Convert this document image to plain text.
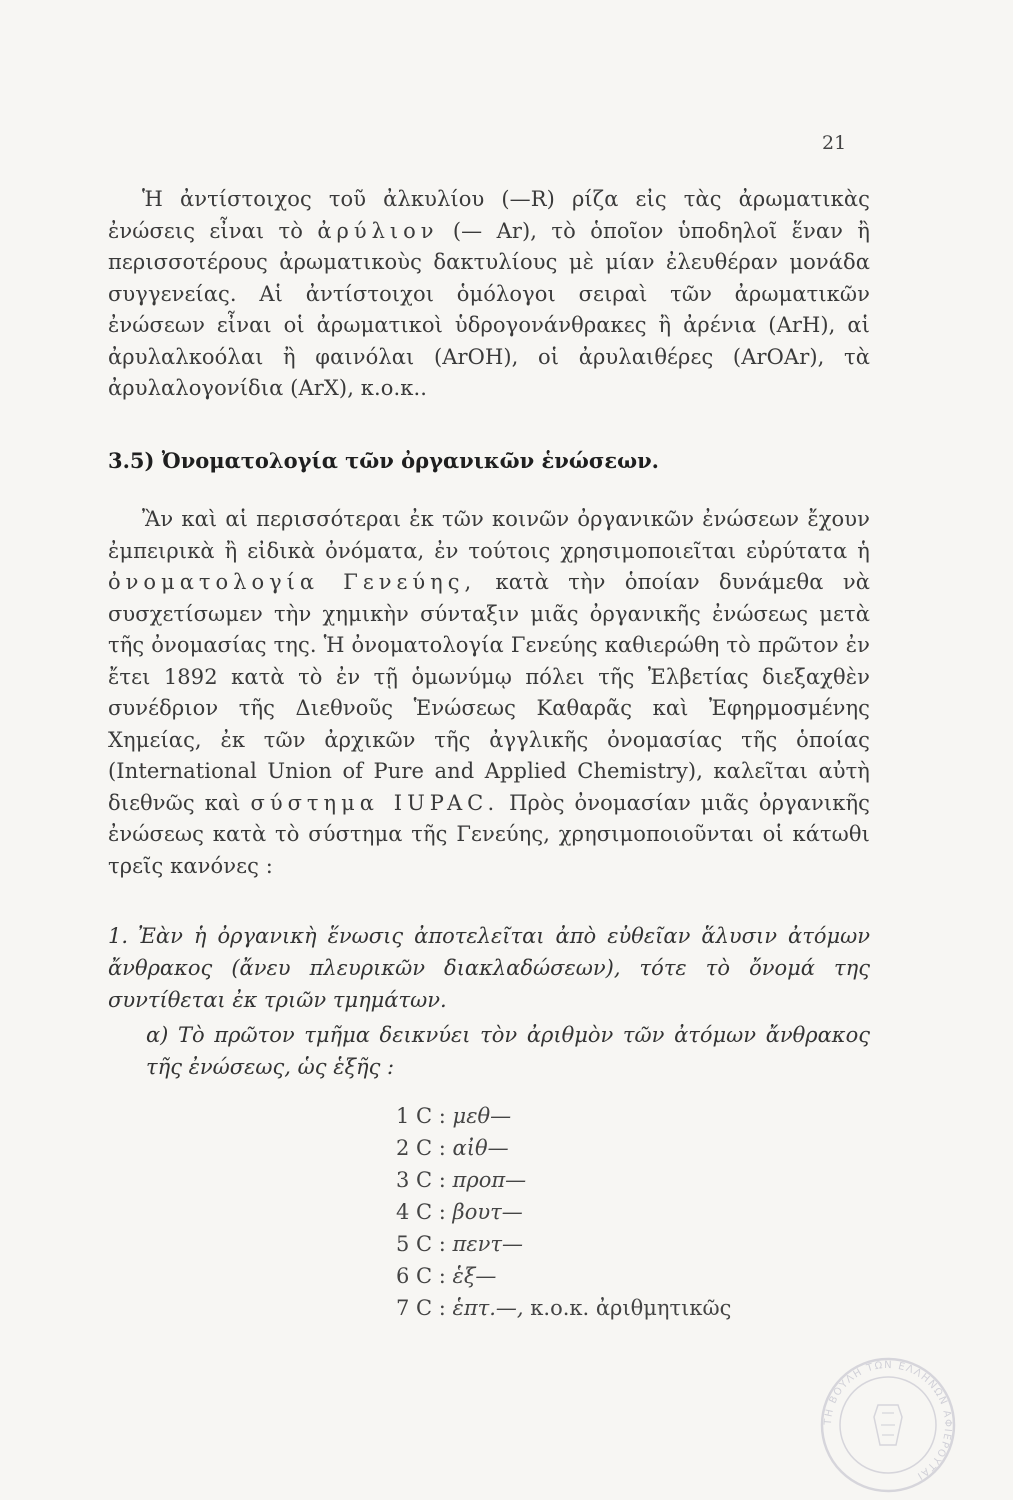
21

Ἡ ἀντίστοιχος τοῦ ἀλκυλίου (—R) ρίζα εἰς τὰς ἀρωματικὰς ἐνώσεις εἶναι τὸ ἀρύλιον (— Ar), τὸ ὁποῖον ὑποδηλοῖ ἕναν ἢ περισσοτέρους ἀρωματικοὺς δακτυλίους μὲ μίαν ἐλευθέραν μονάδα συγγενείας. Αἱ ἀντίστοιχοι ὁμόλογοι σειραὶ τῶν ἀρωματικῶν ἐνώσεων εἶναι οἱ ἀρωματικοὶ ὑδρογονάνθρακες ἢ ἀρένια (ArH), αἱ ἀρυλαλκοόλαι ἢ φαινόλαι (ArOH), οἱ ἀρυλαιθέρες (ArOAr), τὰ ἀρυλαλογονίδια (ArX), κ.ο.κ..

3.5) Ὀνοματολογία τῶν ὀργανικῶν ἑνώσεων.

Ἂν καὶ αἱ περισσότεραι ἐκ τῶν κοινῶν ὀργανικῶν ἐνώσεων ἔχουν ἐμπειρικὰ ἢ εἰδικὰ ὀνόματα, ἐν τούτοις χρησιμοποιεῖται εὐρύτατα ἡ ὀνοματολογία Γενεύης, κατὰ τὴν ὁποίαν δυνάμεθα νὰ συσχετίσωμεν τὴν χημικὴν σύνταξιν μιᾶς ὀργανικῆς ἐνώσεως μετὰ τῆς ὀνομασίας της. Ἡ ὀνοματολογία Γενεύης καθιερώθη τὸ πρῶτον ἐν ἔτει 1892 κατὰ τὸ ἐν τῇ ὁμωνύμῳ πόλει τῆς Ἐλβετίας διεξαχθὲν συνέδριον τῆς Διεθνοῦς Ἑνώσεως Καθαρᾶς καὶ Ἐφηρμοσμένης Χημείας, ἐκ τῶν ἀρχικῶν τῆς ἀγγλικῆς ὀνομασίας τῆς ὁποίας (International Union of Pure and Applied Chemistry), καλεῖται αὐτὴ διεθνῶς καὶ σύστημα IUPAC. Πρὸς ὀνομασίαν μιᾶς ὀργανικῆς ἐνώσεως κατὰ τὸ σύστημα τῆς Γενεύης, χρησιμοποιοῦνται οἱ κάτωθι τρεῖς κανόνες :

1. Ἐὰν ἡ ὀργανικὴ ἕνωσις ἀποτελεῖται ἀπὸ εὐθεῖαν ἅλυσιν ἀτόμων ἄνθρακος (ἄνευ πλευρικῶν διακλαδώσεων), τότε τὸ ὄνομά της συντίθεται ἐκ τριῶν τμημάτων.

α) Τὸ πρῶτον τμῆμα δεικνύει τὸν ἀριθμὸν τῶν ἀτόμων ἄνθρακος τῆς ἐνώσεως, ὡς ἑξῆς :

1 C : μεθ—
2 C : αἰθ—
3 C : προπ—
4 C : βουτ—
5 C : πεντ—
6 C : ἑξ—
7 C : ἑπτ.—, κ.ο.κ. ἀριθμητικῶς
ΤΗ ΒΟΥΛΗ ΤΩΝ ΕΛΛΗΝΩΝ ΑΦΙΕΡΟΥΤΑΙ
